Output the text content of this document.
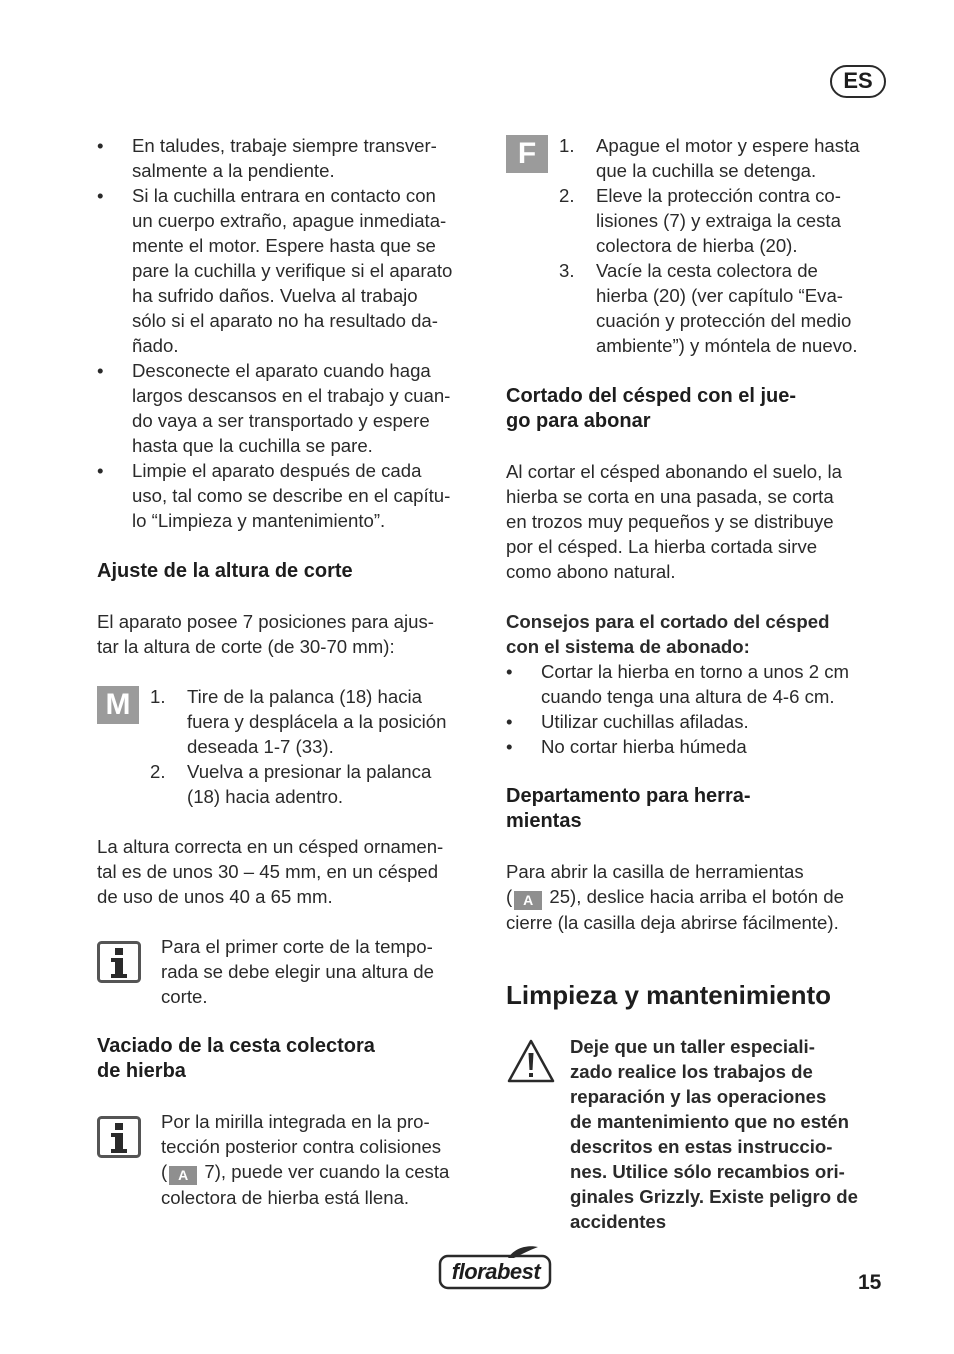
ES
• En taludes, trabaje siempre transver-

salmente a la pendiente.

• Si la cuchilla entrara en contacto con

un cuerpo extraño, apague inmediata-

mente el motor. Espere hasta que se

pare la cuchilla y verifique si el aparato

ha sufrido daños. Vuelva al trabajo

sólo si el aparato no ha resultado da-

ñado.

• Desconecte el aparato cuando haga

largos descansos en el trabajo y cuan-

do vaya a ser transportado y espere

hasta que la cuchilla se pare.

• Limpie el aparato después de cada

uso, tal como se describe en el capítu-

lo “Limpieza y mantenimiento”.

Ajuste de la altura de corte

El aparato posee 7 posiciones para ajus-

tar la altura de corte (de 30-70 mm):

M	1. Tire de la palanca (18) hacia

fuera y desplácela a la posición

deseada 1-7 (33).

2. Vuelva a presionar la palanca

(18) hacia adentro.

La altura correcta en un césped ornamen-

tal es de unos 30 – 45 mm, en un césped

de uso de unos 40 a 65 mm.

Para el primer corte de la tempo-

rada se debe elegir una altura de

corte.

Vaciado de la cesta colectora

de hierba

Por la mirilla integrada en la pro-

tección posterior contra colisiones

( A 7), puede ver cuando la cesta

colectora de hierba está llena.

F	1. Apague el motor y espere hasta

que la cuchilla se detenga.

2. Eleve la protección contra co-

lisiones (7) y extraiga la cesta

colectora de hierba (20).

3. Vacíe la cesta colectora de

hierba (20) (ver capítulo “Eva-

cuación y protección del medio

ambiente”) y móntela de nuevo.

Cortado del césped con el jue-

go para abonar

Al cortar el césped abonando el suelo, la

hierba se corta en una pasada, se corta

en trozos muy pequeños y se distribuye

por el césped. La hierba cortada sirve

como abono natural.

Consejos para el cortado del césped

con el sistema de abonado:

• Cortar la hierba en torno a unos 2 cm

cuando tenga una altura de 4-6 cm.

• Utilizar cuchillas afiladas.

• No cortar hierba húmeda

Departamento para herra-

mientas

Para abrir la casilla de herramientas

( A 25), deslice hacia arriba el botón de

cierre (la casilla deja abrirse fácilmente).

Limpieza y mantenimiento

Deje que un taller especiali-

zado realice los trabajos de

reparación y las operaciones

de mantenimiento que no estén

descritos en estas instruccio-

nes. Utilice sólo recambios ori-

ginales Grizzly. Existe peligro de

accidentes

florabest	15
